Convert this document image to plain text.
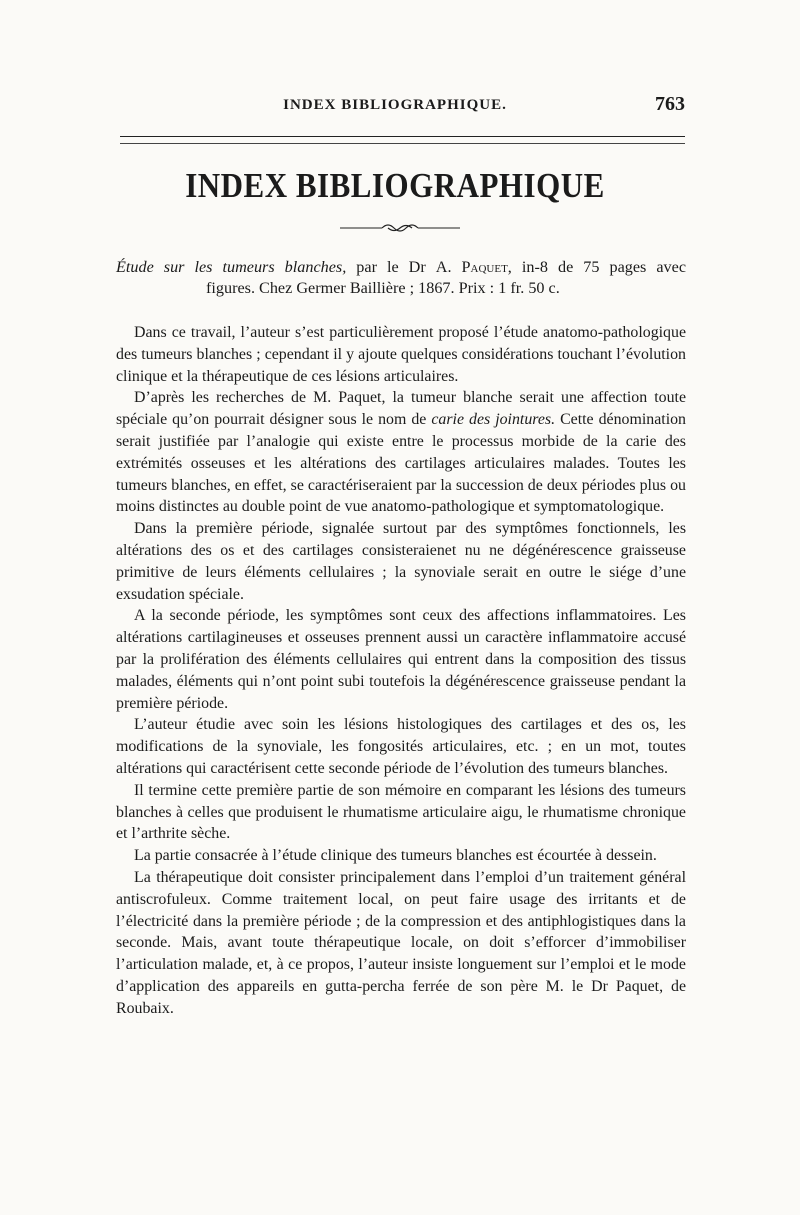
INDEX BIBLIOGRAPHIQUE.	763
INDEX BIBLIOGRAPHIQUE
Étude sur les tumeurs blanches, par le Dr A. Paquet, in-8 de 75 pages avec
figures. Chez Germer Baillière ; 1867. Prix : 1 fr. 50 c.

Dans ce travail, l’auteur s’est particulièrement proposé l’étude anatomo-pathologique des tumeurs blanches ; cependant il y ajoute quelques considérations touchant l’évolution clinique et la thérapeutique de ces lésions articulaires.

D’après les recherches de M. Paquet, la tumeur blanche serait une affection toute spéciale qu’on pourrait désigner sous le nom de carie des jointures. Cette dénomination serait justifiée par l’analogie qui existe entre le processus morbide de la carie des extrémités osseuses et les altérations des cartilages articulaires malades. Toutes les tumeurs blanches, en effet, se caractériseraient par la succession de deux périodes plus ou moins distinctes au double point de vue anatomo-pathologique et symptomatologique.

Dans la première période, signalée surtout par des symptômes fonctionnels, les altérations des os et des cartilages consisteraienet nu ne dégénérescence graisseuse primitive de leurs éléments cellulaires ; la synoviale serait en outre le siége d’une exsudation spéciale.

A la seconde période, les symptômes sont ceux des affections inflammatoires. Les altérations cartilagineuses et osseuses prennent aussi un caractère inflammatoire accusé par la prolifération des éléments cellulaires qui entrent dans la composition des tissus malades, éléments qui n’ont point subi toutefois la dégénérescence graisseuse pendant la première période.

L’auteur étudie avec soin les lésions histologiques des cartilages et des os, les modifications de la synoviale, les fongosités articulaires, etc. ; en un mot, toutes altérations qui caractérisent cette seconde période de l’évolution des tumeurs blanches.

Il termine cette première partie de son mémoire en comparant les lésions des tumeurs blanches à celles que produisent le rhumatisme articulaire aigu, le rhumatisme chronique et l’arthrite sèche.

La partie consacrée à l’étude clinique des tumeurs blanches est écourtée à dessein.

La thérapeutique doit consister principalement dans l’emploi d’un traitement général antiscrofuleux. Comme traitement local, on peut faire usage des irritants et de l’électricité dans la première période ; de la compression et des antiphlogistiques dans la seconde. Mais, avant toute thérapeutique locale, on doit s’efforcer d’immobiliser l’articulation malade, et, à ce propos, l’auteur insiste longuement sur l’emploi et le mode d’application des appareils en gutta-percha ferrée de son père M. le Dr Paquet, de Roubaix.
